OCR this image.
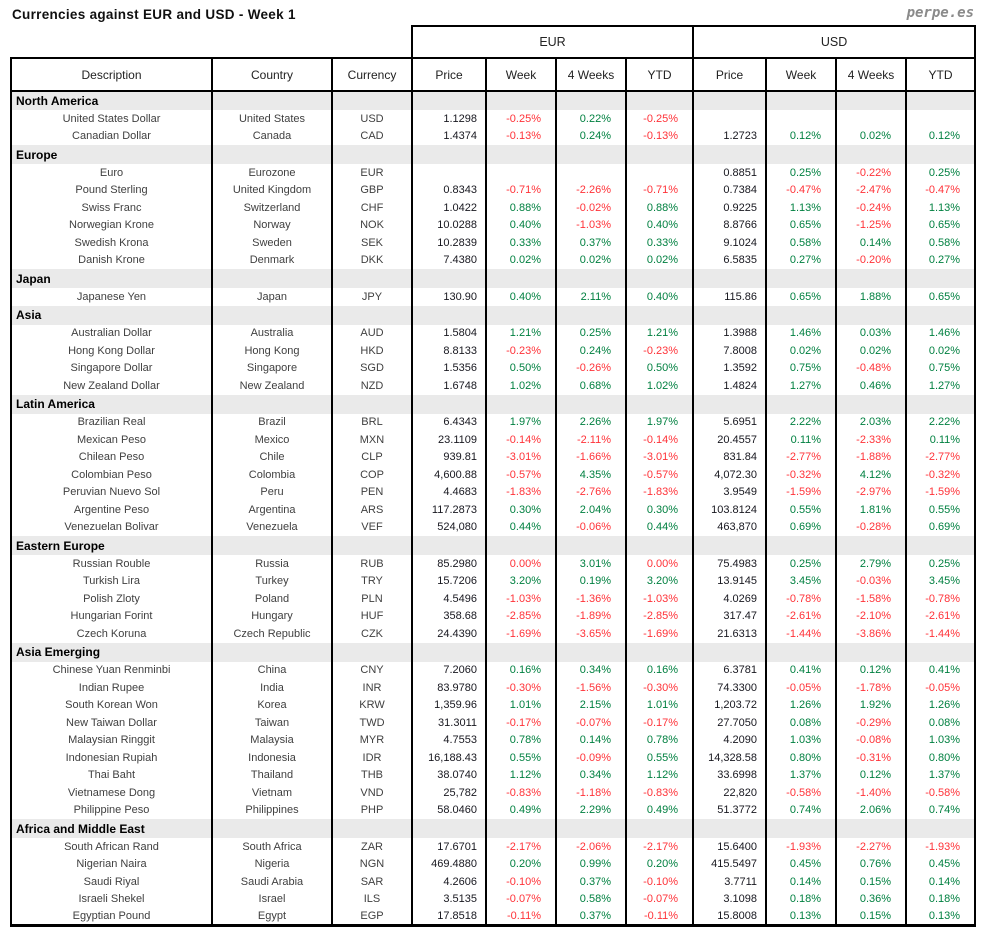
Currencies against EUR and USD - Week 1	perpe.es
			EUR				USD			
Description	Country	Currency	Price	Week	4 Weeks	YTD	Price	Week	4 Weeks	YTD
North America										
United States Dollar	United States	USD	1.1298	-0.25%	0.22%	-0.25%				
Canadian Dollar	Canada	CAD	1.4374	-0.13%	0.24%	-0.13%	1.2723	0.12%	0.02%	0.12%
Europe										
Euro	Eurozone	EUR					0.8851	0.25%	-0.22%	0.25%
Pound Sterling	United Kingdom	GBP	0.8343	-0.71%	-2.26%	-0.71%	0.7384	-0.47%	-2.47%	-0.47%
Swiss Franc	Switzerland	CHF	1.0422	0.88%	-0.02%	0.88%	0.9225	1.13%	-0.24%	1.13%
Norwegian Krone	Norway	NOK	10.0288	0.40%	-1.03%	0.40%	8.8766	0.65%	-1.25%	0.65%
Swedish Krona	Sweden	SEK	10.2839	0.33%	0.37%	0.33%	9.1024	0.58%	0.14%	0.58%
Danish Krone	Denmark	DKK	7.4380	0.02%	0.02%	0.02%	6.5835	0.27%	-0.20%	0.27%
Japan										
Japanese Yen	Japan	JPY	130.90	0.40%	2.11%	0.40%	115.86	0.65%	1.88%	0.65%
Asia										
Australian Dollar	Australia	AUD	1.5804	1.21%	0.25%	1.21%	1.3988	1.46%	0.03%	1.46%
Hong Kong Dollar	Hong Kong	HKD	8.8133	-0.23%	0.24%	-0.23%	7.8008	0.02%	0.02%	0.02%
Singapore Dollar	Singapore	SGD	1.5356	0.50%	-0.26%	0.50%	1.3592	0.75%	-0.48%	0.75%
New Zealand Dollar	New Zealand	NZD	1.6748	1.02%	0.68%	1.02%	1.4824	1.27%	0.46%	1.27%
Latin America										
Brazilian Real	Brazil	BRL	6.4343	1.97%	2.26%	1.97%	5.6951	2.22%	2.03%	2.22%
Mexican Peso	Mexico	MXN	23.1109	-0.14%	-2.11%	-0.14%	20.4557	0.11%	-2.33%	0.11%
Chilean Peso	Chile	CLP	939.81	-3.01%	-1.66%	-3.01%	831.84	-2.77%	-1.88%	-2.77%
Colombian Peso	Colombia	COP	4,600.88	-0.57%	4.35%	-0.57%	4,072.30	-0.32%	4.12%	-0.32%
Peruvian Nuevo Sol	Peru	PEN	4.4683	-1.83%	-2.76%	-1.83%	3.9549	-1.59%	-2.97%	-1.59%
Argentine Peso	Argentina	ARS	117.2873	0.30%	2.04%	0.30%	103.8124	0.55%	1.81%	0.55%
Venezuelan Bolivar	Venezuela	VEF	524,080	0.44%	-0.06%	0.44%	463,870	0.69%	-0.28%	0.69%
Eastern Europe										
Russian Rouble	Russia	RUB	85.2980	0.00%	3.01%	0.00%	75.4983	0.25%	2.79%	0.25%
Turkish Lira	Turkey	TRY	15.7206	3.20%	0.19%	3.20%	13.9145	3.45%	-0.03%	3.45%
Polish Zloty	Poland	PLN	4.5496	-1.03%	-1.36%	-1.03%	4.0269	-0.78%	-1.58%	-0.78%
Hungarian Forint	Hungary	HUF	358.68	-2.85%	-1.89%	-2.85%	317.47	-2.61%	-2.10%	-2.61%
Czech Koruna	Czech Republic	CZK	24.4390	-1.69%	-3.65%	-1.69%	21.6313	-1.44%	-3.86%	-1.44%
Asia Emerging										
Chinese Yuan Renminbi	China	CNY	7.2060	0.16%	0.34%	0.16%	6.3781	0.41%	0.12%	0.41%
Indian Rupee	India	INR	83.9780	-0.30%	-1.56%	-0.30%	74.3300	-0.05%	-1.78%	-0.05%
South Korean Won	Korea	KRW	1,359.96	1.01%	2.15%	1.01%	1,203.72	1.26%	1.92%	1.26%
New Taiwan Dollar	Taiwan	TWD	31.3011	-0.17%	-0.07%	-0.17%	27.7050	0.08%	-0.29%	0.08%
Malaysian Ringgit	Malaysia	MYR	4.7553	0.78%	0.14%	0.78%	4.2090	1.03%	-0.08%	1.03%
Indonesian Rupiah	Indonesia	IDR	16,188.43	0.55%	-0.09%	0.55%	14,328.58	0.80%	-0.31%	0.80%
Thai Baht	Thailand	THB	38.0740	1.12%	0.34%	1.12%	33.6998	1.37%	0.12%	1.37%
Vietnamese Dong	Vietnam	VND	25,782	-0.83%	-1.18%	-0.83%	22,820	-0.58%	-1.40%	-0.58%
Philippine Peso	Philippines	PHP	58.0460	0.49%	2.29%	0.49%	51.3772	0.74%	2.06%	0.74%
Africa and Middle East										
South African Rand	South Africa	ZAR	17.6701	-2.17%	-2.06%	-2.17%	15.6400	-1.93%	-2.27%	-1.93%
Nigerian Naira	Nigeria	NGN	469.4880	0.20%	0.99%	0.20%	415.5497	0.45%	0.76%	0.45%
Saudi Riyal	Saudi Arabia	SAR	4.2606	-0.10%	0.37%	-0.10%	3.7711	0.14%	0.15%	0.14%
Israeli Shekel	Israel	ILS	3.5135	-0.07%	0.58%	-0.07%	3.1098	0.18%	0.36%	0.18%
Egyptian Pound	Egypt	EGP	17.8518	-0.11%	0.37%	-0.11%	15.8008	0.13%	0.15%	0.13%
